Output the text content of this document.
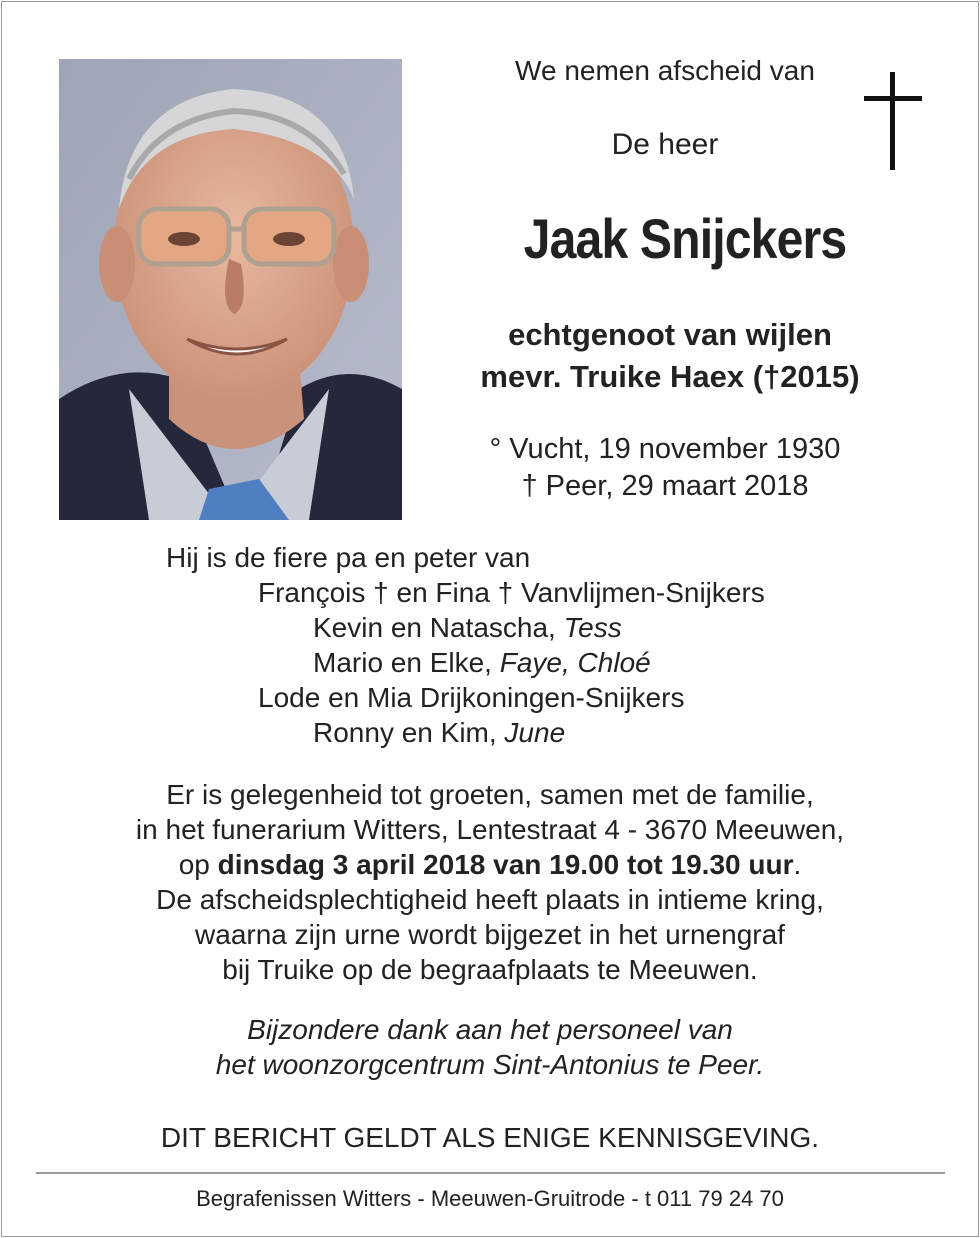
We nemen afscheid van
De heer
Jaak Snijckers
echtgenoot van wijlen
mevr. Truike Haex (†2015)
° Vucht, 19 november 1930
† Peer, 29 maart 2018
Hij is de fiere pa en peter van
François † en Fina † Vanvlijmen-Snijkers
Kevin en Natascha, Tess
Mario en Elke, Faye, Chloé
Lode en Mia Drijkoningen-Snijkers
Ronny en Kim, June
Er is gelegenheid tot groeten, samen met de familie,
in het funerarium Witters, Lentestraat 4 - 3670 Meeuwen,
op dinsdag 3 april 2018 van 19.00 tot 19.30 uur.
De afscheidsplechtigheid heeft plaats in intieme kring,
waarna zijn urne wordt bijgezet in het urnengraf
bij Truike op de begraafplaats te Meeuwen.
Bijzondere dank aan het personeel van
het woonzorgcentrum Sint-Antonius te Peer.
DIT BERICHT GELDT ALS ENIGE KENNISGEVING.
Begrafenissen Witters - Meeuwen-Gruitrode - t 011 79 24 70
